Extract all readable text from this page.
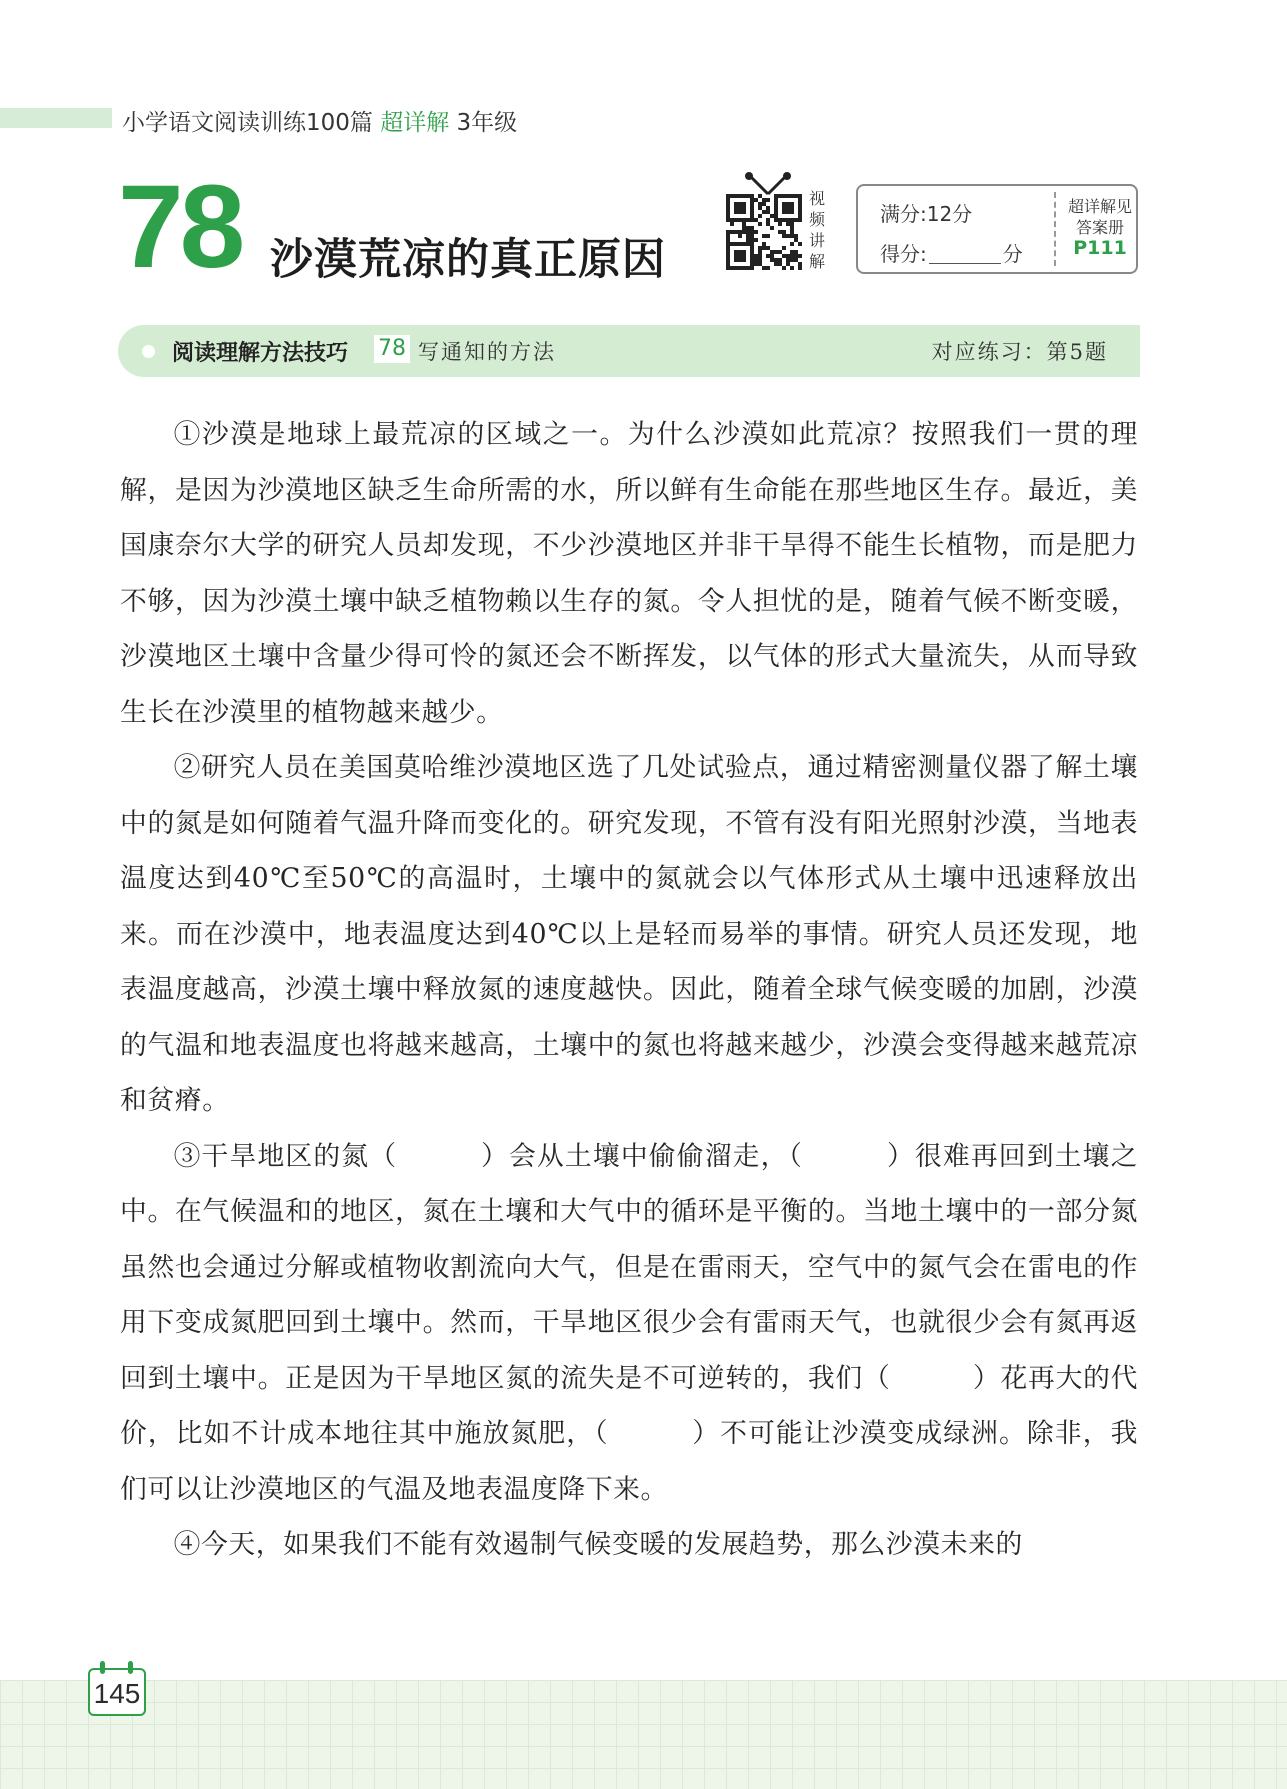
小学语文阅读训练100篇 超详解 3年级
78 沙漠荒凉的真正原因
视
频
讲
解
满分:12分
得分:	分
超详解见
答案册
P111
阅读理解方法技巧 78 写通知的方法	对应练习：第5题

①沙漠是地球上最荒凉的区域之一。为什么沙漠如此荒凉？按照我们一贯的理解，是因为沙漠地区缺乏生命所需的水，所以鲜有生命能在那些地区生存。最近，美国康奈尔大学的研究人员却发现，不少沙漠地区并非干旱得不能生长植物，而是肥力不够，因为沙漠土壤中缺乏植物赖以生存的氮。令人担忧的是，随着气候不断变暖，沙漠地区土壤中含量少得可怜的氮还会不断挥发，以气体的形式大量流失，从而导致生长在沙漠里的植物越来越少。

②研究人员在美国莫哈维沙漠地区选了几处试验点，通过精密测量仪器了解土壤中的氮是如何随着气温升降而变化的。研究发现，不管有没有阳光照射沙漠，当地表温度达到40℃至50℃的高温时，土壤中的氮就会以气体形式从土壤中迅速释放出来。而在沙漠中，地表温度达到40℃以上是轻而易举的事情。研究人员还发现，地表温度越高，沙漠土壤中释放氮的速度越快。因此，随着全球气候变暖的加剧，沙漠的气温和地表温度也将越来越高，土壤中的氮也将越来越少，沙漠会变得越来越荒凉和贫瘠。

③干旱地区的氮（　　　）会从土壤中偷偷溜走，（　　　）很难再回到土壤之中。在气候温和的地区，氮在土壤和大气中的循环是平衡的。当地土壤中的一部分氮虽然也会通过分解或植物收割流向大气，但是在雷雨天，空气中的氮气会在雷电的作用下变成氮肥回到土壤中。然而，干旱地区很少会有雷雨天气，也就很少会有氮再返回到土壤中。正是因为干旱地区氮的流失是不可逆转的，我们（　　　）花再大的代价，比如不计成本地往其中施放氮肥，（　　　）不可能让沙漠变成绿洲。除非，我们可以让沙漠地区的气温及地表温度降下来。

④今天，如果我们不能有效遏制气候变暖的发展趋势，那么沙漠未来的

145
